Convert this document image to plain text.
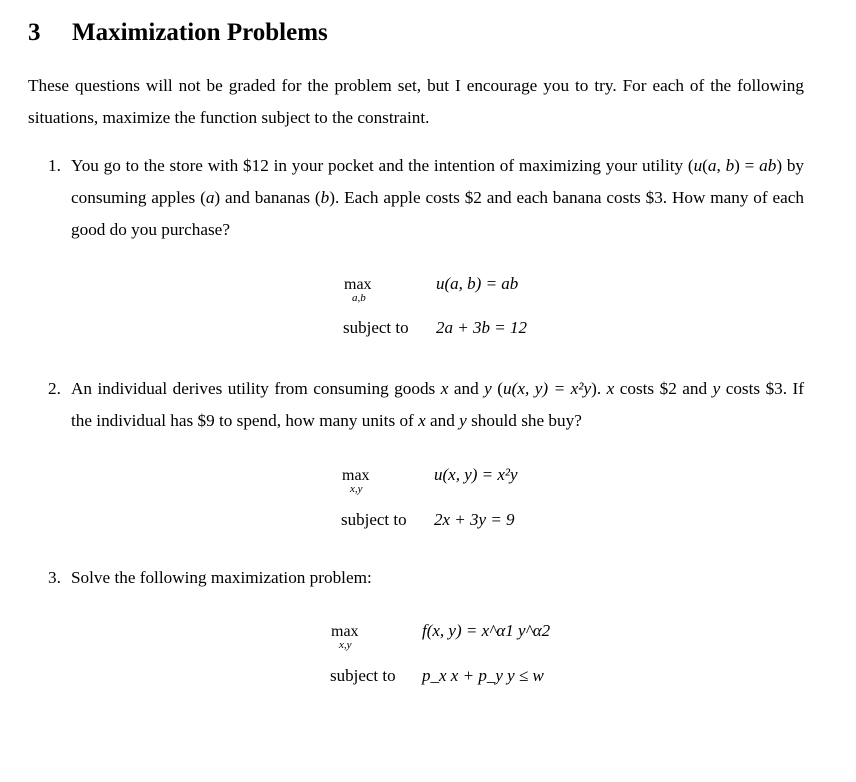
3 Maximization Problems
These questions will not be graded for the problem set, but I encourage you to try. For each of the following situations, maximize the function subject to the constraint.
1. You go to the store with $12 in your pocket and the intention of maximizing your utility (u(a, b) = ab) by consuming apples (a) and bananas (b). Each apple costs $2 and each banana costs $3. How many of each good do you purchase?
max
a,b
u(a, b) = ab
subject to 2a + 3b = 12
2. An individual derives utility from consuming goods x and y (u(x, y) = x²y). x costs $2 and y costs $3. If the individual has $9 to spend, how many units of x and y should she buy?
max
x,y
u(x, y) = x²y
subject to 2x + 3y = 9
3. Solve the following maximization problem:
max
x,y
f(x, y) = x^α1 y^α2
subject to p_x x + p_y y ≤ w
